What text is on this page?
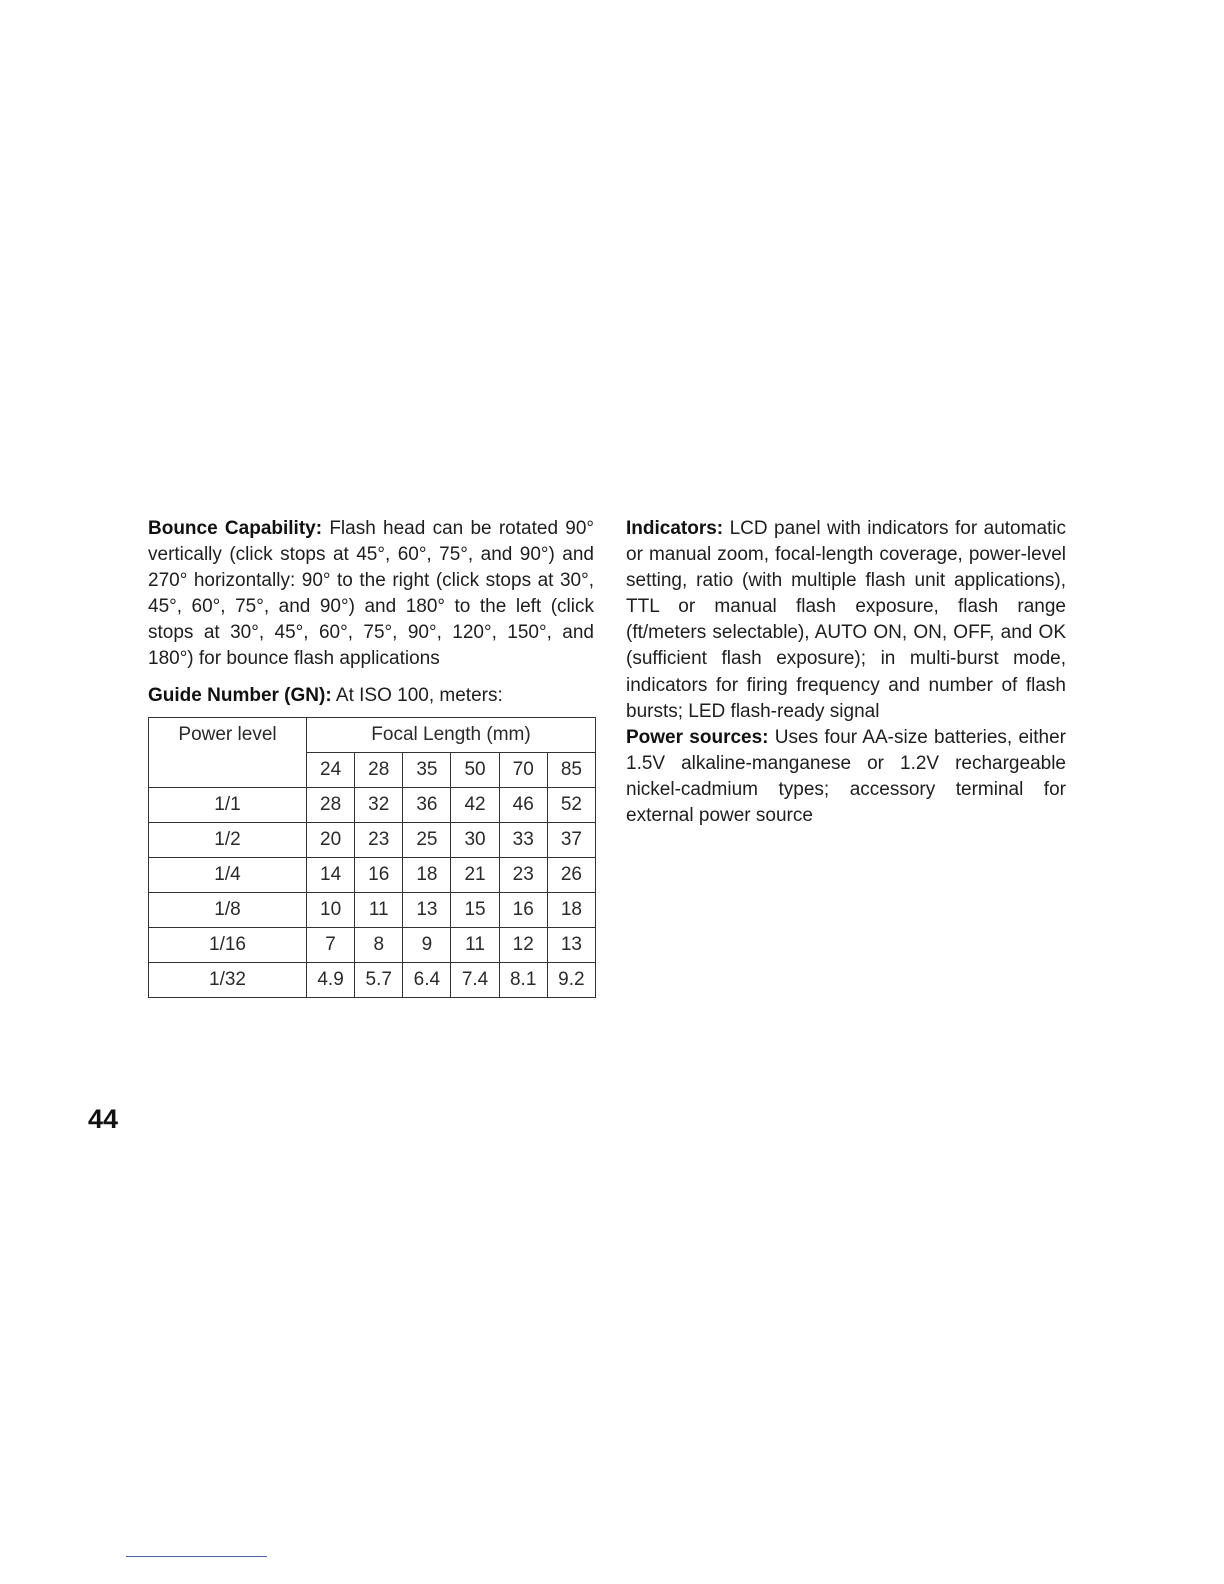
Bounce Capability: Flash head can be rotated 90° vertically (click stops at 45°, 60°, 75°, and 90°) and 270° horizontally: 90° to the right (click stops at 30°, 45°, 60°, 75°, and 90°) and 180° to the left (click stops at 30°, 45°, 60°, 75°, 90°, 120°, 150°, and 180°) for bounce flash applications

Guide Number (GN): At ISO 100, meters:

Power level	Focal Length (mm)					
	24	28	35	50	70	85
1/1	28	32	36	42	46	52
1/2	20	23	25	30	33	37
1/4	14	16	18	21	23	26
1/8	10	11	13	15	16	18
1/16	7	8	9	11	12	13
1/32	4.9	5.7	6.4	7.4	8.1	9.2

Indicators: LCD panel with indicators for automatic or manual zoom, focal-length coverage, power-level setting, ratio (with multiple flash unit applications), TTL or manual flash exposure, flash range (ft/meters selectable), AUTO ON, ON, OFF, and OK (sufficient flash exposure); in multi-burst mode, indicators for firing frequency and number of flash bursts; LED flash-ready signal

Power sources: Uses four AA-size batteries, either 1.5V alkaline-manganese or 1.2V rechargeable nickel-cadmium types; accessory terminal for external power source

44
